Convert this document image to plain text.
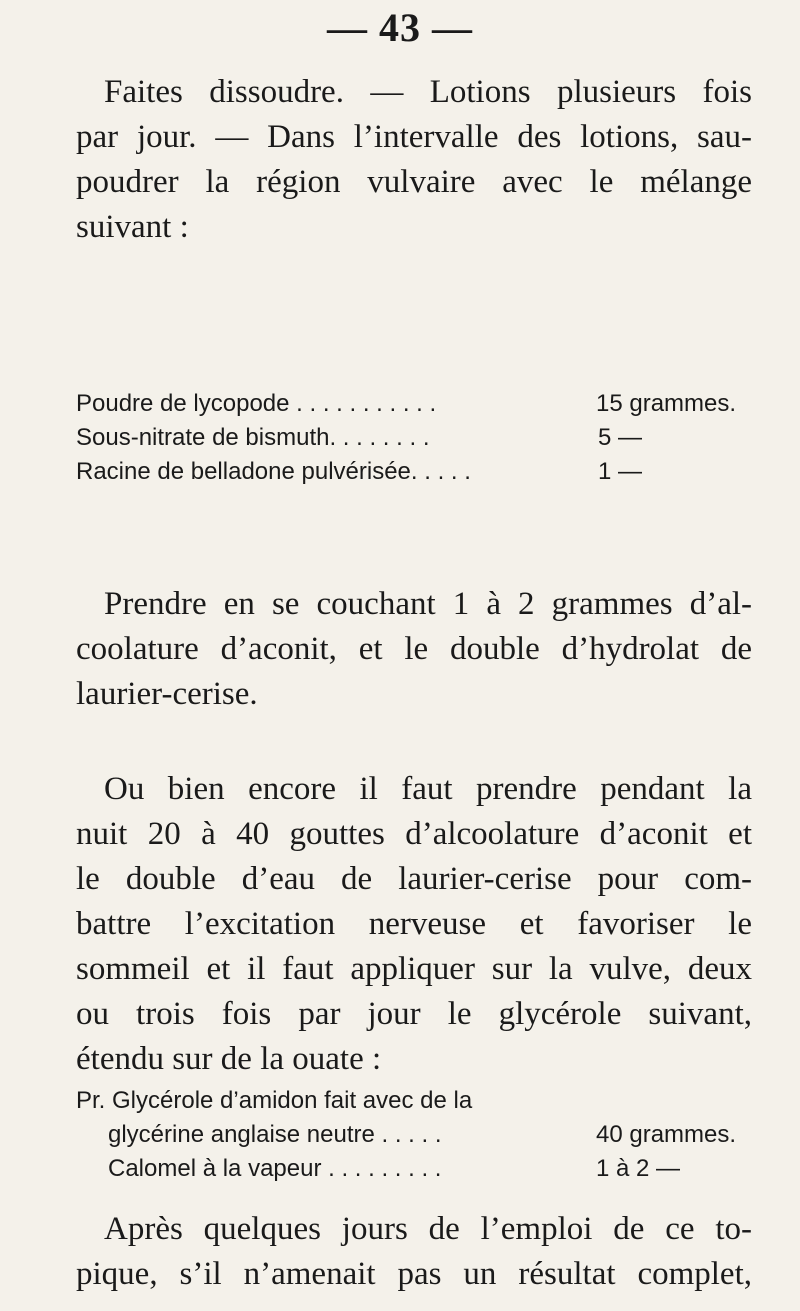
— 43 —
Faites dissoudre. — Lotions plusieurs fois
par jour. — Dans l’intervalle des lotions, sau-
poudrer la région vulvaire avec le mélange
suivant :
Poudre de lycopode . . . . . . . . . . .	15 grammes.
Sous-nitrate de bismuth. . . . . . . .	5 —
Racine de belladone pulvérisée. . . . .	1 —
Prendre en se couchant 1 à 2 grammes d’al-
coolature d’aconit, et le double d’hydrolat de
laurier-cerise.
Ou bien encore il faut prendre pendant la
nuit 20 à 40 gouttes d’alcoolature d’aconit et
le double d’eau de laurier-cerise pour com-
battre l’excitation nerveuse et favoriser le
sommeil et il faut appliquer sur la vulve, deux
ou trois fois par jour le glycérole suivant,
étendu sur de la ouate :
Pr. Glycérole d’amidon fait avec de la
glycérine anglaise neutre . . . . .	40 grammes.
Calomel à la vapeur . . . . . . . . .	1 à 2 —
Après quelques jours de l’emploi de ce to-
pique, s’il n’amenait pas un résultat complet,
